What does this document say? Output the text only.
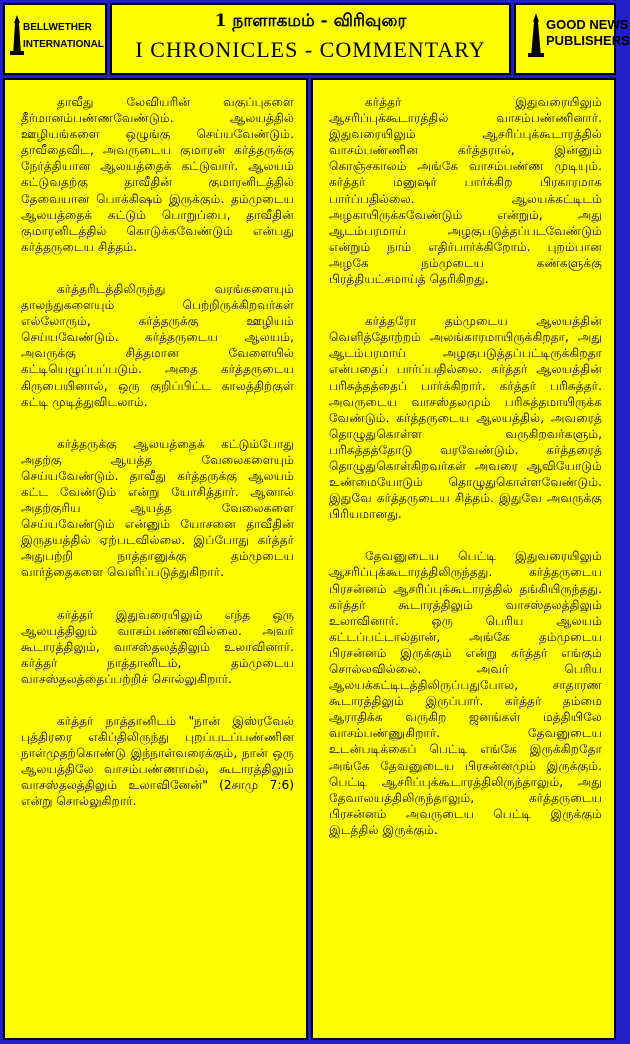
BELLWETHER
INTERNATIONAL
1 நாளாகமம் - விரிவுரை
I CHRONICLES - COMMENTARY
GOOD NEWS
PUBLISHERS

தாவீது லேவியரின் வகுப்புகளை தீர்மானம்பண்ணவேண்டும். ஆலயத்தில் ஊழியங்களை ஒழுங்கு செய்யவேண்டும். தாவீதைவிட, அவருடைய குமாரன் கர்த்தருக்கு நேர்த்தியான ஆலயத்தைக் கட்டுவார். ஆலயம் கட்டுவதற்கு தாவீதின் குமாரனிடத்தில் தேவையான பொக்கிஷம் இருக்கும். தம்முடைய ஆலயத்தைக் கட்டும் பொறுப்பை, தாவீதின் குமாரனிடத்தில் கொடுக்கவேண்டும் என்பது கர்த்தருடைய சித்தம்.

கர்த்தரிடத்திலிருந்து வரங்களையும் தாலந்துகளையும் பெற்றிருக்கிறவர்கள் எல்லோரும், கர்த்தருக்கு ஊழியம் செய்யவேண்டும். கர்த்தருடைய ஆலயம், அவருக்கு சித்தமான வேளையில் கட்டியெழுப்பப்படும். அதை கர்த்தருடைய கிருபையினால், ஒரு குறிப்பிட்ட காலத்திற்குள் கட்டி முடித்துவிடலாம்.

கர்த்தருக்கு ஆலயத்தைக் கட்டும்போது அதற்கு ஆயத்த வேலைகளையும் செய்யவேண்டும். தாவீது கர்த்தருக்கு ஆலயம் கட்ட வேண்டும் என்று யோசித்தார். ஆனால் அதற்குரிய ஆயத்த வேலைகளை செய்யவேண்டும் என்னும் யோசனை தாவீதின் இருதயத்தில் ஏற்படவில்லை. இப்போது கர்த்தர் அதுபற்றி நாத்தானுக்கு தம்முடைய வார்த்தைகளை வெளிப்படுத்துகிறார்.

கர்த்தர் இதுவரையிலும் எந்த ஒரு ஆலயத்திலும் வாசம்பண்ணவில்லை. அவர் கூடாரத்திலும், வாசஸ்தலத்திலும் உலாவினார். கர்த்தர் நாத்தானிடம், தம்முடைய வாசஸ்தலத்தைப்பற்றிச் சொல்லுகிறார்.

கர்த்தர் நாத்தானிடம் "நான் இஸ்ரவேல் புத்திரரை எகிப்திலிருந்து புறப்படப்பண்ணின நாள்முதற்கொண்டு இந்நாள்வரைக்கும், நான் ஒரு ஆலயத்திலே வாசம்பண்ணாமல், கூடாரத்திலும் வாசஸ்தலத்திலும் உலாவினேன்" (2சாமு 7:6) என்று சொல்லுகிறார்.

கர்த்தர் இதுவரையிலும் ஆசரிப்புக்கூடாரத்தில் வாசம்பண்ணினார். இதுவரையிலும் ஆசரிப்புக்கூடாரத்தில் வாசம்பண்ணின கர்த்தரால், இன்னும் கொஞ்சகாலம் அங்கே வாசம்பண்ண முடியும். கர்த்தர் மனுஷர் பார்க்கிற பிரகாரமாக பார்ப்பதில்லை. ஆலயக்கட்டிடம் அழகாயிருக்கவேண்டும் என்றும், அது ஆடம்பரமாய் அழகுபடுத்தப்படவேண்டும் என்றும் நாம் எதிர்பார்க்கிறோம். புறம்பான அழகே நம்முடைய கண்களுக்கு பிரத்தியட்சமாய்த் தெரிகிறது.

கர்த்தரோ தம்முடைய ஆலயத்தின் வெளித்தோற்றம் அலங்காரமாயிருக்கிறதா, அது ஆடம்பரமாய் அழகுபடுத்தப்பட்டிருக்கிறதா என்பதைப் பார்ப்பதில்லை. கர்த்தர் ஆலயத்தின் பரிசுத்தத்தைப் பார்க்கிறார். கர்த்தர் பரிசுத்தர். அவருடைய வாசஸ்தலமும் பரிசுத்தமாயிருக்க வேண்டும். கர்த்தருடைய ஆலயத்தில், அவரைத் தொழுதுகொள்ள வருகிறவர்களும், பரிசுத்தத்தோடு வரவேண்டும். கர்த்தரைத் தொழுதுகொள்கிறவர்கள் அவரை ஆவியோடும் உண்மையோடும் தொழுதுகொள்ளவேண்டும். இதுவே கர்த்தருடைய சித்தம். இதுவே அவருக்கு பிரியமானது.

தேவனுடைய பெட்டி இதுவரையிலும் ஆசரிப்புக்கூடாரத்திலிருந்தது. கர்த்தருடைய பிரசன்னம் ஆசரிப்புக்கூடாரத்தில் தங்கியிருந்தது. கர்த்தர் கூடாரத்திலும் வாசஸ்தலத்திலும் உலாவினார். ஒரு பெரிய ஆலயம் கட்டப்பட்டால்தான், அங்கே தம்முடைய பிரசன்னம் இருக்கும் என்று கர்த்தர் எங்கும் சொல்லவில்லை. அவர் பெரிய ஆலயக்கட்டிடத்திலிருப்பதுபோல, சாதாரண கூடாரத்திலும் இருப்பார். கர்த்தர் தம்மை ஆராதிக்க வருகிற ஜனங்கள் மத்தியிலே வாசம்பண்ணுகிறார். தேவனுடைய உடன்படிக்கைப் பெட்டி எங்கே இருக்கிறதோ அங்கே தேவனுடைய பிரசன்னமும் இருக்கும். பெட்டி ஆசரிப்புக்கூடாரத்திலிருந்தாலும், அது தேவாலயத்திலிருந்தாலும், கர்த்தருடைய பிரசன்னம் அவருடைய பெட்டி இருக்கும் இடத்தில் இருக்கும்.
